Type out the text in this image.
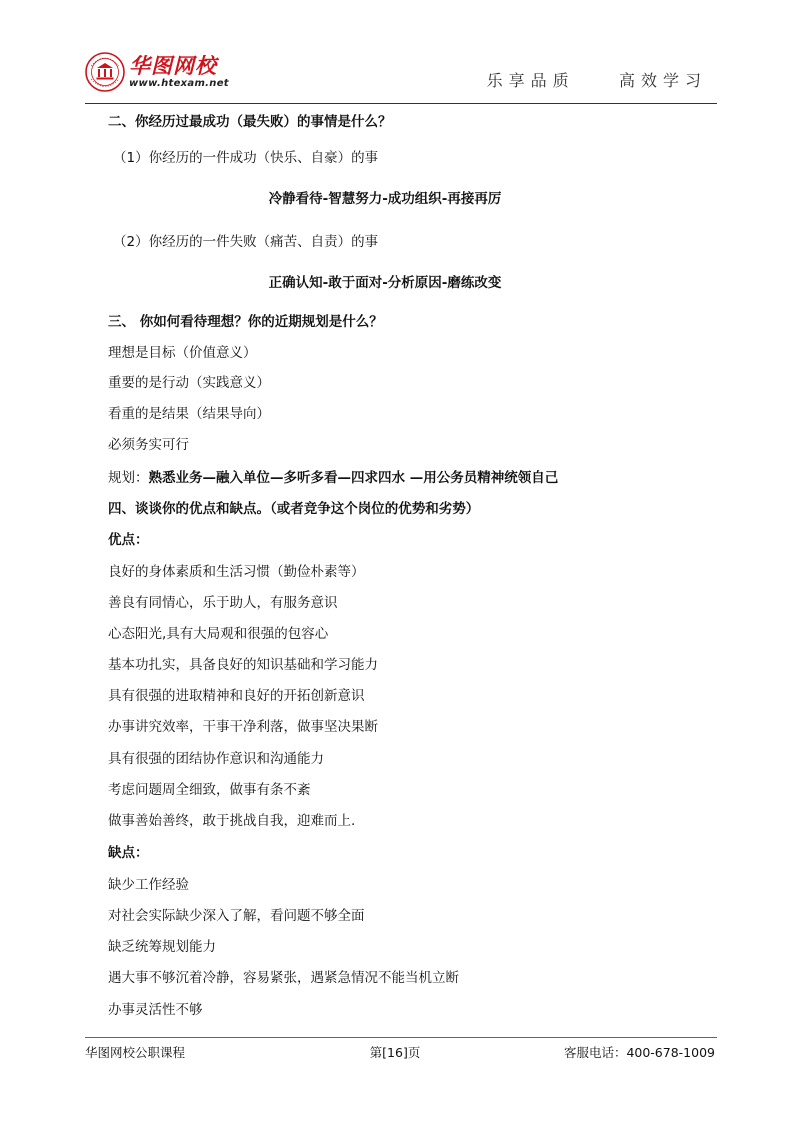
华图网校
www.htexam.net	乐享品质    高效学习
二、你经历过最成功（最失败）的事情是什么？
（1）你经历的一件成功（快乐、自豪）的事
冷静看待-智慧努力-成功组织-再接再厉
（2）你经历的一件失败（痛苦、自责）的事
正确认知-敢于面对-分析原因-磨练改变
三、 你如何看待理想？你的近期规划是什么？
理想是目标（价值意义）
重要的是行动（实践意义）
看重的是结果（结果导向）
必须务实可行
规划：熟悉业务—融入单位—多听多看—四求四水 —用公务员精神统领自己
四、谈谈你的优点和缺点。（或者竞争这个岗位的优势和劣势）
优点：
良好的身体素质和生活习惯（勤俭朴素等）
善良有同情心，乐于助人，有服务意识
心态阳光,具有大局观和很强的包容心
基本功扎实，具备良好的知识基础和学习能力
具有很强的进取精神和良好的开拓创新意识
办事讲究效率，干事干净利落，做事坚决果断
具有很强的团结协作意识和沟通能力
考虑问题周全细致，做事有条不紊
做事善始善终，敢于挑战自我，迎难而上.
缺点：
缺少工作经验
对社会实际缺少深入了解，看问题不够全面
缺乏统筹规划能力
遇大事不够沉着冷静，容易紧张，遇紧急情况不能当机立断
办事灵活性不够
华图网校公职课程	第[16]页	客服电话：400-678-1009
